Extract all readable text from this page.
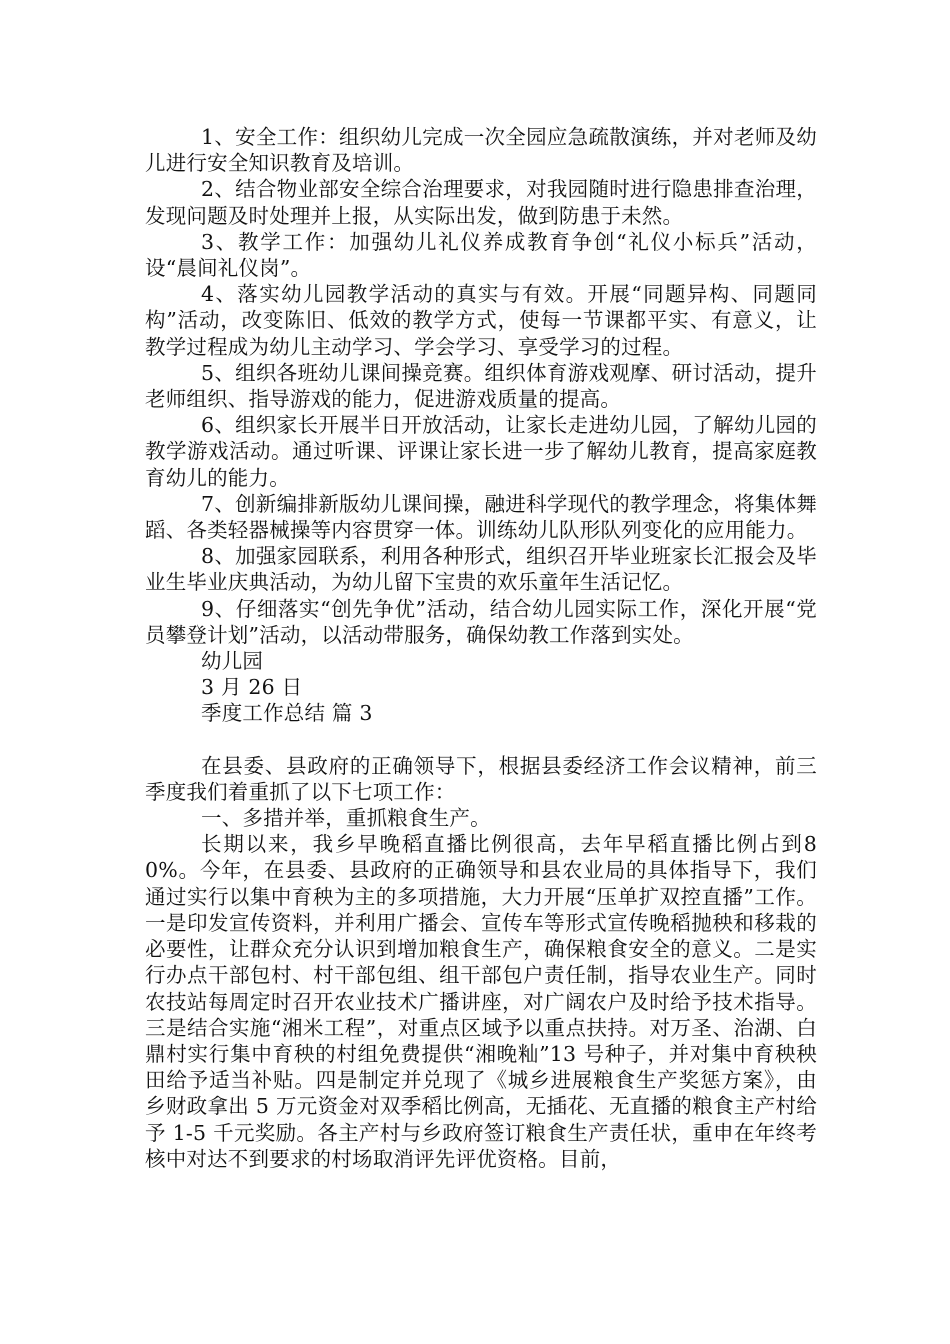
1、安全工作：组织幼儿完成一次全园应急疏散演练，并对老师及幼儿进行安全知识教育及培训。

2、结合物业部安全综合治理要求，对我园随时进行隐患排查治理，发现问题及时处理并上报，从实际出发，做到防患于未然。

3、教学工作：加强幼儿礼仪养成教育争创“礼仪小标兵”活动，设“晨间礼仪岗”。

4、落实幼儿园教学活动的真实与有效。开展“同题异构、同题同构”活动，改变陈旧、低效的教学方式，使每一节课都平实、有意义，让教学过程成为幼儿主动学习、学会学习、享受学习的过程。

5、组织各班幼儿课间操竞赛。组织体育游戏观摩、研讨活动，提升老师组织、指导游戏的能力，促进游戏质量的提高。

6、组织家长开展半日开放活动，让家长走进幼儿园，了解幼儿园的教学游戏活动。通过听课、评课让家长进一步了解幼儿教育，提高家庭教育幼儿的能力。

7、创新编排新版幼儿课间操，融进科学现代的教学理念，将集体舞蹈、各类轻器械操等内容贯穿一体。训练幼儿队形队列变化的应用能力。

8、加强家园联系，利用各种形式，组织召开毕业班家长汇报会及毕业生毕业庆典活动，为幼儿留下宝贵的欢乐童年生活记忆。

9、仔细落实“创先争优”活动，结合幼儿园实际工作，深化开展“党员攀登计划”活动，以活动带服务，确保幼教工作落到实处。

幼儿园

3 月 26 日

季度工作总结 篇 3

在县委、县政府的正确领导下，根据县委经济工作会议精神，前三季度我们着重抓了以下七项工作：

一、多措并举，重抓粮食生产。

长期以来，我乡早晚稻直播比例很高，去年早稻直播比例占到80%。今年，在县委、县政府的正确领导和县农业局的具体指导下，我们通过实行以集中育秧为主的多项措施，大力开展“压单扩双控直播”工作。一是印发宣传资料，并利用广播会、宣传车等形式宣传晚稻抛秧和移栽的必要性，让群众充分认识到增加粮食生产，确保粮食安全的意义。二是实行办点干部包村、村干部包组、组干部包户责任制，指导农业生产。同时农技站每周定时召开农业技术广播讲座，对广阔农户及时给予技术指导。三是结合实施“湘米工程”，对重点区域予以重点扶持。对万圣、治湖、白鼎村实行集中育秧的村组免费提供“湘晚籼”13 号种子，并对集中育秧秧田给予适当补贴。四是制定并兑现了《城乡进展粮食生产奖惩方案》，由乡财政拿出 5 万元资金对双季稻比例高，无插花、无直播的粮食主产村给予 1-5 千元奖励。各主产村与乡政府签订粮食生产责任状，重申在年终考核中对达不到要求的村场取消评先评优资格。目前，
